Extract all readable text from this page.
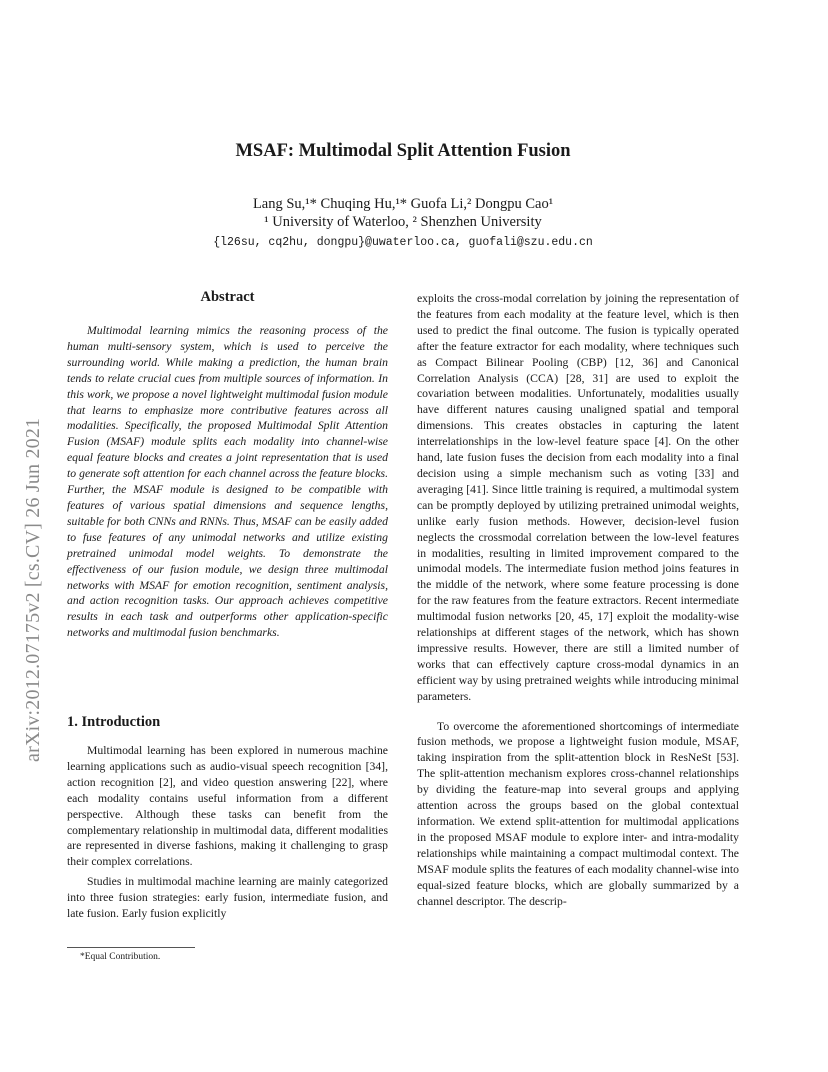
MSAF: Multimodal Split Attention Fusion
Lang Su,¹* Chuqing Hu,¹* Guofa Li,² Dongpu Cao¹
¹ University of Waterloo, ² Shenzhen University
{l26su, cq2hu, dongpu}@uwaterloo.ca, guofali@szu.edu.cn
arXiv:2012.07175v2 [cs.CV] 26 Jun 2021
Abstract

Multimodal learning mimics the reasoning process of the human multi-sensory system, which is used to perceive the surrounding world. While making a prediction, the human brain tends to relate crucial cues from multiple sources of information. In this work, we propose a novel lightweight multimodal fusion module that learns to emphasize more contributive features across all modalities. Specifically, the proposed Multimodal Split Attention Fusion (MSAF) module splits each modality into channel-wise equal feature blocks and creates a joint representation that is used to generate soft attention for each channel across the feature blocks. Further, the MSAF module is designed to be compatible with features of various spatial dimensions and sequence lengths, suitable for both CNNs and RNNs. Thus, MSAF can be easily added to fuse features of any unimodal networks and utilize existing pretrained unimodal model weights. To demonstrate the effectiveness of our fusion module, we design three multimodal networks with MSAF for emotion recognition, sentiment analysis, and action recognition tasks. Our approach achieves competitive results in each task and outperforms other application-specific networks and multimodal fusion benchmarks.

1. Introduction

Multimodal learning has been explored in numerous machine learning applications such as audio-visual speech recognition [34], action recognition [2], and video question answering [22], where each modality contains useful information from a different perspective. Although these tasks can benefit from the complementary relationship in multimodal data, different modalities are represented in diverse fashions, making it challenging to grasp their complex correlations.

Studies in multimodal machine learning are mainly categorized into three fusion strategies: early fusion, intermediate fusion, and late fusion. Early fusion explicitly

exploits the cross-modal correlation by joining the representation of the features from each modality at the feature level, which is then used to predict the final outcome. The fusion is typically operated after the feature extractor for each modality, where techniques such as Compact Bilinear Pooling (CBP) [12, 36] and Canonical Correlation Analysis (CCA) [28, 31] are used to exploit the covariation between modalities. Unfortunately, modalities usually have different natures causing unaligned spatial and temporal dimensions. This creates obstacles in capturing the latent interrelationships in the low-level feature space [4]. On the other hand, late fusion fuses the decision from each modality into a final decision using a simple mechanism such as voting [33] and averaging [41]. Since little training is required, a multimodal system can be promptly deployed by utilizing pretrained unimodal weights, unlike early fusion methods. However, decision-level fusion neglects the crossmodal correlation between the low-level features in modalities, resulting in limited improvement compared to the unimodal models. The intermediate fusion method joins features in the middle of the network, where some feature processing is done for the raw features from the feature extractors. Recent intermediate multimodal fusion networks [20, 45, 17] exploit the modality-wise relationships at different stages of the network, which has shown impressive results. However, there are still a limited number of works that can effectively capture cross-modal dynamics in an efficient way by using pretrained weights while introducing minimal parameters.

To overcome the aforementioned shortcomings of intermediate fusion methods, we propose a lightweight fusion module, MSAF, taking inspiration from the split-attention block in ResNeSt [53]. The split-attention mechanism explores cross-channel relationships by dividing the feature-map into several groups and applying attention across the groups based on the global contextual information. We extend split-attention for multimodal applications in the proposed MSAF module to explore inter- and intra-modality relationships while maintaining a compact multimodal context. The MSAF module splits the features of each modality channel-wise into equal-sized feature blocks, which are globally summarized by a channel descriptor. The descrip-

*Equal Contribution.
